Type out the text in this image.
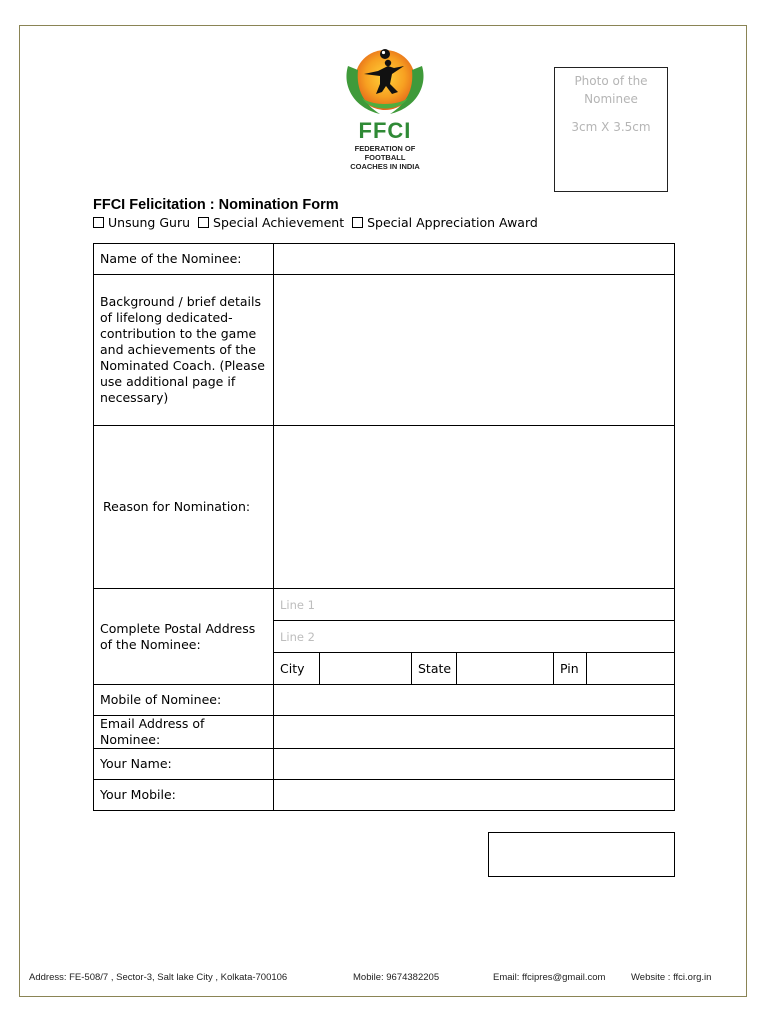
FFCI
FEDERATION OF FOOTBALL
COACHES IN INDIA
Photo of the
Nominee
3cm X 3.5cm
FFCI Felicitation : Nomination Form
Unsung Guru Special Achievement Special Appreciation Award
Name of the Nominee:	
Background / brief details of lifelong dedicated-contribution to the game and achievements of the Nominated Coach. (Please use additional page if necessary)	
Reason for Nomination:	
Complete Postal Address of the Nominee:	Line 1
Line 2
City State Pin

Mobile of Nominee:	
Email Address of Nominee:	
Your Name:	
Your Mobile:	
Address: FE-508/7 , Sector-3, Salt lake City , Kolkata-700106	Mobile: 9674382205	Email: ffcipres@gmail.com	Website : ffci.org.in
